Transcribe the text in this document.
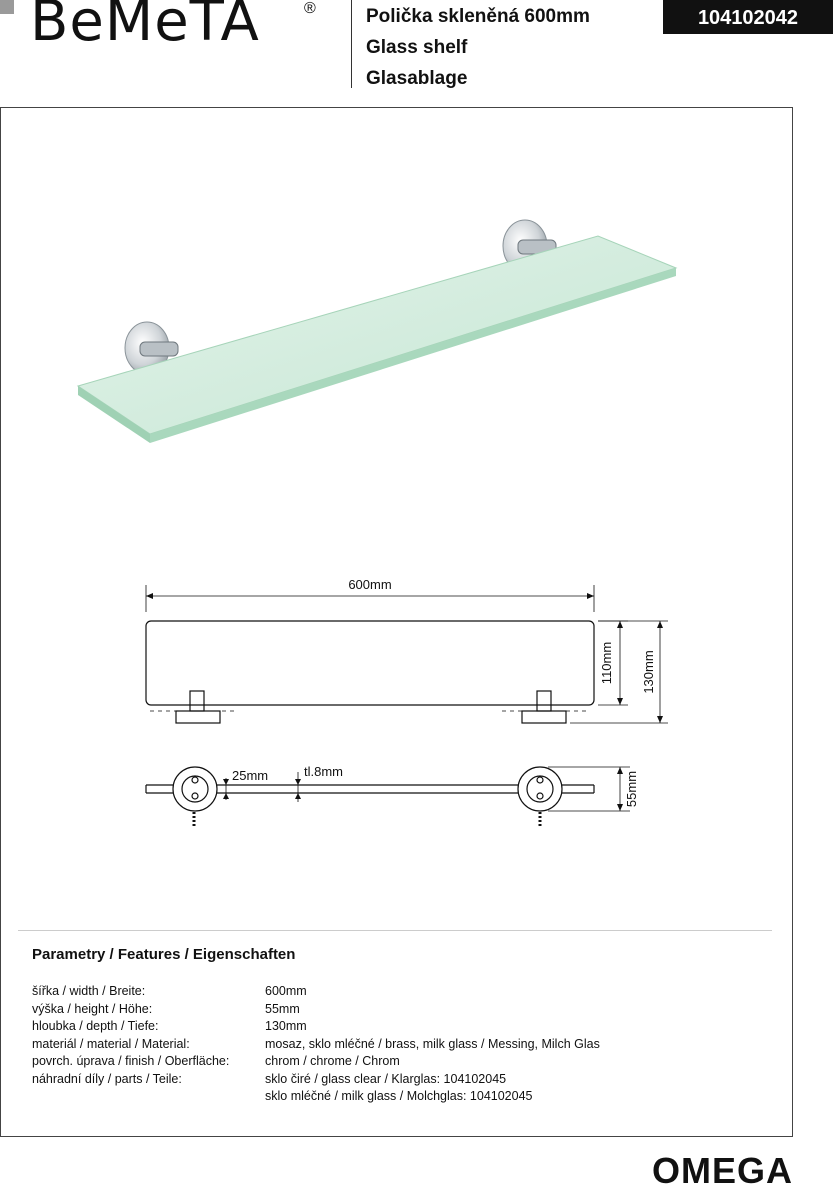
BeMeTA	®	Polička skleněná 600mm
Glass shelf
Glasablage
104102042
600mm
110mm 130mm
25mm	tl.8mm	55mm
Parametry / Features / Eigenschaften
šířka / width / Breite:	600mm
výška / height / Höhe:	55mm
hloubka / depth / Tiefe:	130mm
materiál / material / Material:	mosaz, sklo mléčné / brass, milk glass / Messing, Milch Glas
povrch. úprava / finish / Oberfläche:	chrom / chrome / Chrom
náhradní díly / parts / Teile:	sklo čiré / glass clear / Klarglas: 104102045
sklo mléčné / milk glass / Molchglas: 104102045
OMEGA
